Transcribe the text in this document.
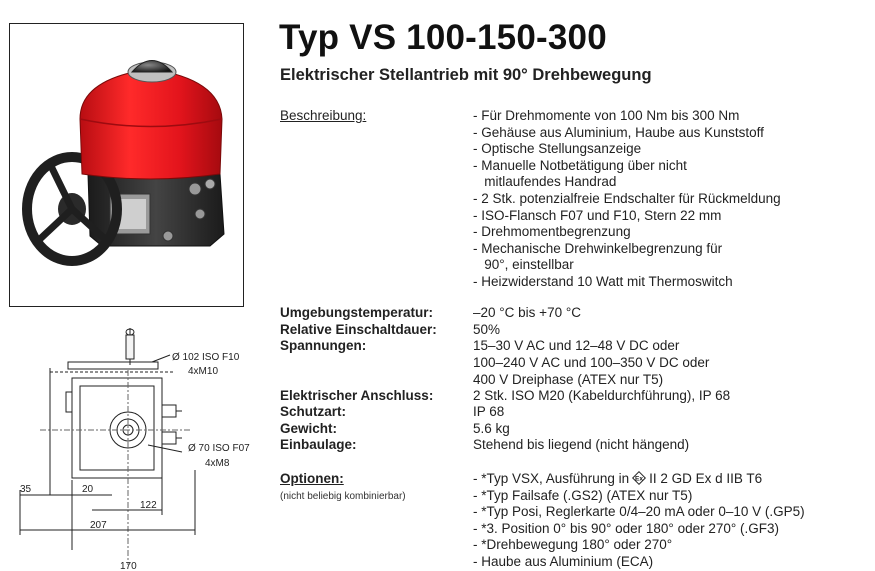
Typ VS 100-150-300
Elektrischer Stellantrieb mit 90° Drehbewegung
Beschreibung:	- Für Drehmomente von 100 Nm bis 300 Nm
- Gehäuse aus Aluminium, Haube aus Kunststoff
- Optische Stellungsanzeige
- Manuelle Notbetätigung über nicht
mitlaufendes Handrad
- 2 Stk. potenzialfreie Endschalter für Rückmeldung
- ISO-Flansch F07 und F10, Stern 22 mm
- Drehmomentbegrenzung
- Mechanische Drehwinkelbegrenzung für
90°, einstellbar
- Heizwiderstand 10 Watt mit Thermoswitch
Umgebungstemperatur:	–20 °C bis +70 °C
Relative Einschaltdauer:	50%
Spannungen:	15–30 V AC und 12–48 V DC oder
100–240 V AC und 100–350 V DC oder
400 V Dreiphase (ATEX nur T5)
Elektrischer Anschluss:	2 Stk. ISO M20 (Kabeldurchführung), IP 68
Schutzart:	IP 68
Gewicht:	5.6 kg
Einbaulage:	Stehend bis liegend (nicht hängend)
Optionen:
(nicht beliebig kombinierbar)
- *Typ VSX, Ausführung in Ex II 2 GD Ex d IIB T6
- *Typ Failsafe (.GS2) (ATEX nur T5)
- *Typ Posi, Reglerkarte 0/4–20 mA oder 0–10 V (.GP5)
- *3. Position 0° bis 90° oder 180° oder 270° (.GF3)
- *Drehbewegung 180° oder 270°
- Haube aus Aluminium (ECA)
Ø 102 ISO F10
4xM10
Ø 70 ISO F07
4xM8
35	20
122
207
170
